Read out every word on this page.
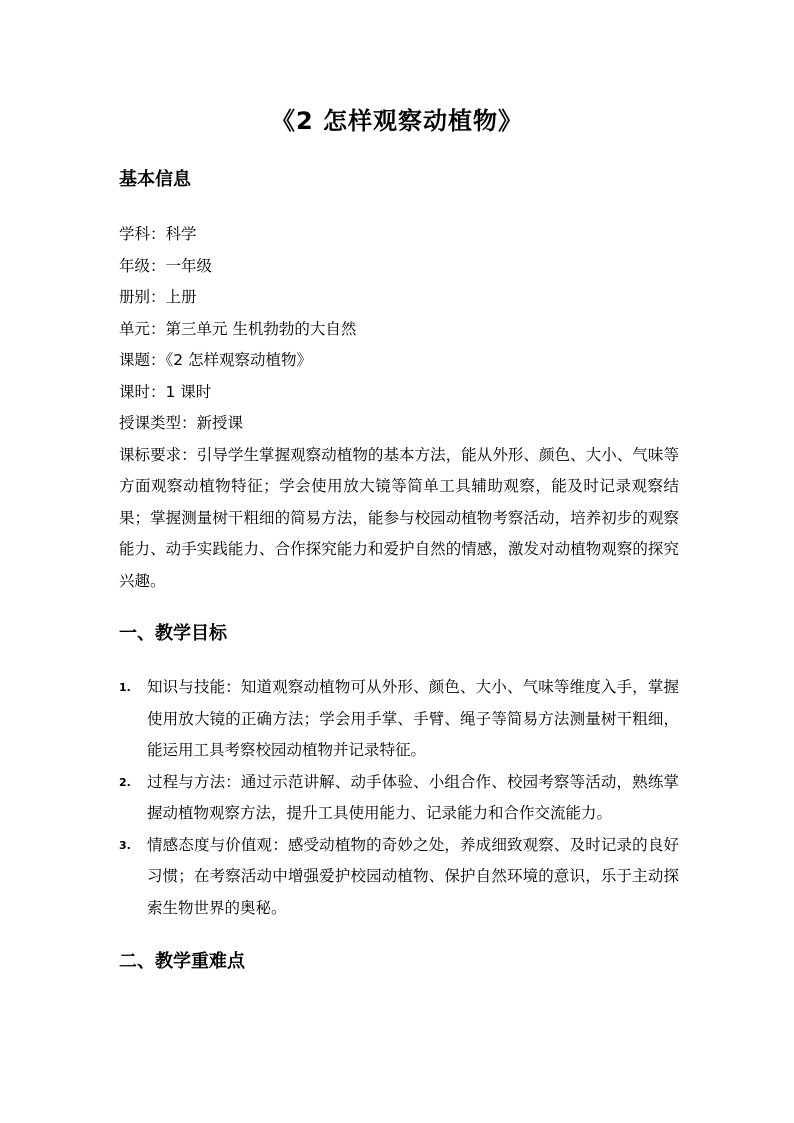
《2 怎样观察动植物》
基本信息
学科：科学
年级：一年级
册别：上册
单元：第三单元 生机勃勃的大自然
课题：《2 怎样观察动植物》
课时：1 课时
授课类型：新授课
课标要求：引导学生掌握观察动植物的基本方法，能从外形、颜色、大小、气味等方面观察动植物特征；学会使用放大镜等简单工具辅助观察，能及时记录观察结果；掌握测量树干粗细的简易方法，能参与校园动植物考察活动，培养初步的观察能力、动手实践能力、合作探究能力和爱护自然的情感，激发对动植物观察的探究兴趣。
一、教学目标
1. 知识与技能：知道观察动植物可从外形、颜色、大小、气味等维度入手，掌握使用放大镜的正确方法；学会用手掌、手臂、绳子等简易方法测量树干粗细，能运用工具考察校园动植物并记录特征。
2. 过程与方法：通过示范讲解、动手体验、小组合作、校园考察等活动，熟练掌握动植物观察方法，提升工具使用能力、记录能力和合作交流能力。
3. 情感态度与价值观：感受动植物的奇妙之处，养成细致观察、及时记录的良好习惯；在考察活动中增强爱护校园动植物、保护自然环境的意识，乐于主动探索生物世界的奥秘。
二、教学重难点
